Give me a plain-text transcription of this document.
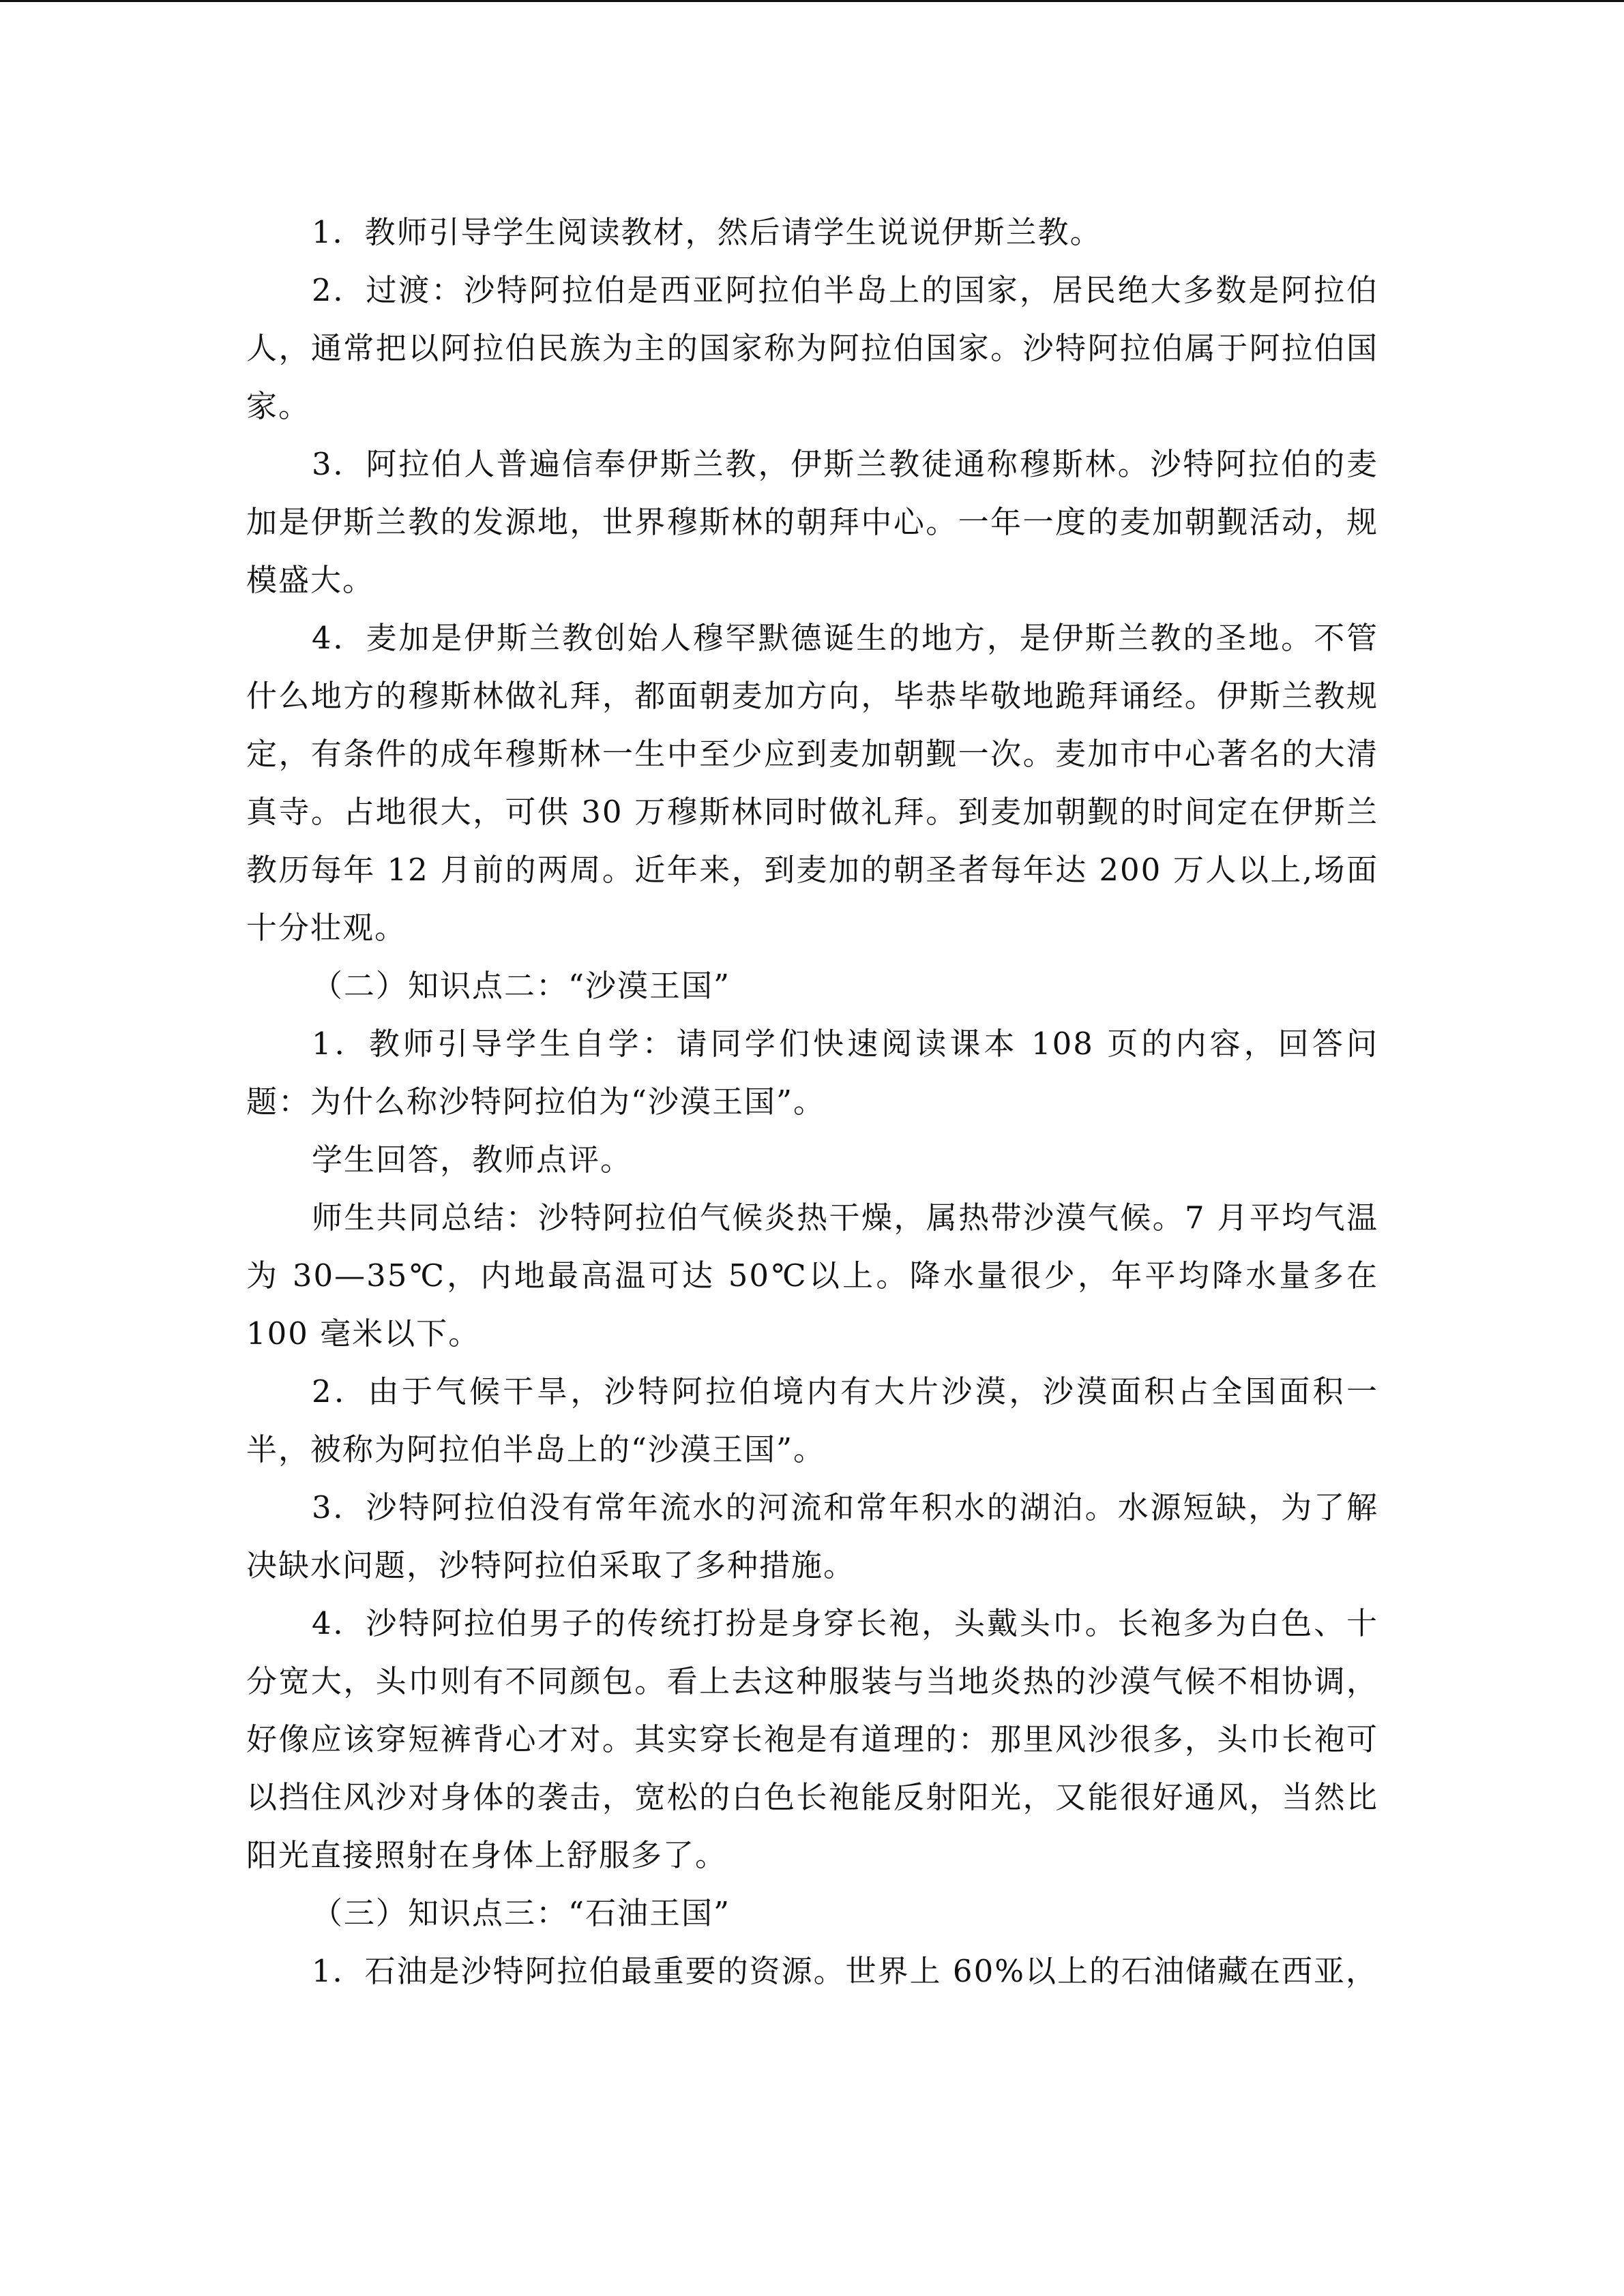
1．教师引导学生阅读教材，然后请学生说说伊斯兰教。

2．过渡：沙特阿拉伯是西亚阿拉伯半岛上的国家，居民绝大多数是阿拉伯人，通常把以阿拉伯民族为主的国家称为阿拉伯国家。沙特阿拉伯属于阿拉伯国家。

3．阿拉伯人普遍信奉伊斯兰教，伊斯兰教徒通称穆斯林。沙特阿拉伯的麦加是伊斯兰教的发源地，世界穆斯林的朝拜中心。一年一度的麦加朝觐活动，规模盛大。

4．麦加是伊斯兰教创始人穆罕默德诞生的地方，是伊斯兰教的圣地。不管什么地方的穆斯林做礼拜，都面朝麦加方向，毕恭毕敬地跪拜诵经。伊斯兰教规定，有条件的成年穆斯林一生中至少应到麦加朝觐一次。麦加市中心著名的大清真寺。占地很大，可供 30 万穆斯林同时做礼拜。到麦加朝觐的时间定在伊斯兰教历每年 12 月前的两周。近年来，到麦加的朝圣者每年达 200 万人以上,场面十分壮观。

（二）知识点二：“沙漠王国”

1．教师引导学生自学：请同学们快速阅读课本 108 页的内容，回答问题：为什么称沙特阿拉伯为“沙漠王国”。

学生回答，教师点评。

师生共同总结：沙特阿拉伯气候炎热干燥，属热带沙漠气候。7 月平均气温为 30—35℃，内地最高温可达 50℃以上。降水量很少，年平均降水量多在 100 毫米以下。

2．由于气候干旱，沙特阿拉伯境内有大片沙漠，沙漠面积占全国面积一半，被称为阿拉伯半岛上的“沙漠王国”。

3．沙特阿拉伯没有常年流水的河流和常年积水的湖泊。水源短缺，为了解决缺水问题，沙特阿拉伯采取了多种措施。

4．沙特阿拉伯男子的传统打扮是身穿长袍，头戴头巾。长袍多为白色、十分宽大，头巾则有不同颜包。看上去这种服装与当地炎热的沙漠气候不相协调，好像应该穿短裤背心才对。其实穿长袍是有道理的：那里风沙很多，头巾长袍可以挡住风沙对身体的袭击，宽松的白色长袍能反射阳光，又能很好通风，当然比阳光直接照射在身体上舒服多了。

（三）知识点三：“石油王国”

1．石油是沙特阿拉伯最重要的资源。世界上 60%以上的石油储藏在西亚，
